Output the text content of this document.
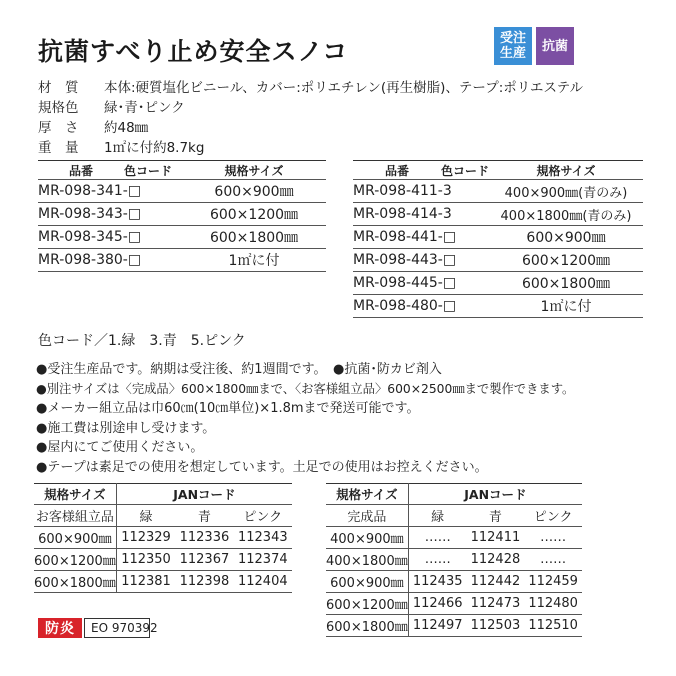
抗菌すべり止め安全スノコ	受注
生産	抗菌
材　質	本体:硬質塩化ビニール、カバー:ポリエチレン(再生樹脂)、テープ:ポリエステル
規格色	緑･青･ピンク
厚　さ	約48㎜
重　量	1㎡に付約8.7kg
品番	色コード	規格サイズ
MR-098-341-□		600×900㎜
MR-098-343-□		600×1200㎜
MR-098-345-□		600×1800㎜
MR-098-380-□		1㎡に付
品番	色コード	規格サイズ
MR-098-411-3		400×900㎜(青のみ)
MR-098-414-3		400×1800㎜(青のみ)
MR-098-441-□		600×900㎜
MR-098-443-□		600×1200㎜
MR-098-445-□		600×1800㎜
MR-098-480-□		1㎡に付
色コード／1.緑　3.青　5.ピンク
●受注生産品です。納期は受注後、約1週間です。　●抗菌･防カビ剤入
●別注サイズは〈完成品〉600×1800㎜まで、〈お客様組立品〉600×2500㎜まで製作できます。
●メーカー組立品は巾60㎝(10㎝単位)×1.8mまで発送可能です。
●施工費は別途申し受けます。
●屋内にてご使用ください。
●テープは素足での使用を想定しています。土足での使用はお控えください。
規格サイズ	JANコード		
お客様組立品	緑	青	ピンク
600×900㎜	112329	112336	112343
600×1200㎜	112350	112367	112374
600×1800㎜	112381	112398	112404
規格サイズ	JANコード		
完成品	緑	青	ピンク
400×900㎜	……	112411	……
400×1800㎜	……	112428	……
600×900㎜	112435	112442	112459
600×1200㎜	112466	112473	112480
600×1800㎜	112497	112503	112510
防炎	EO 970392
